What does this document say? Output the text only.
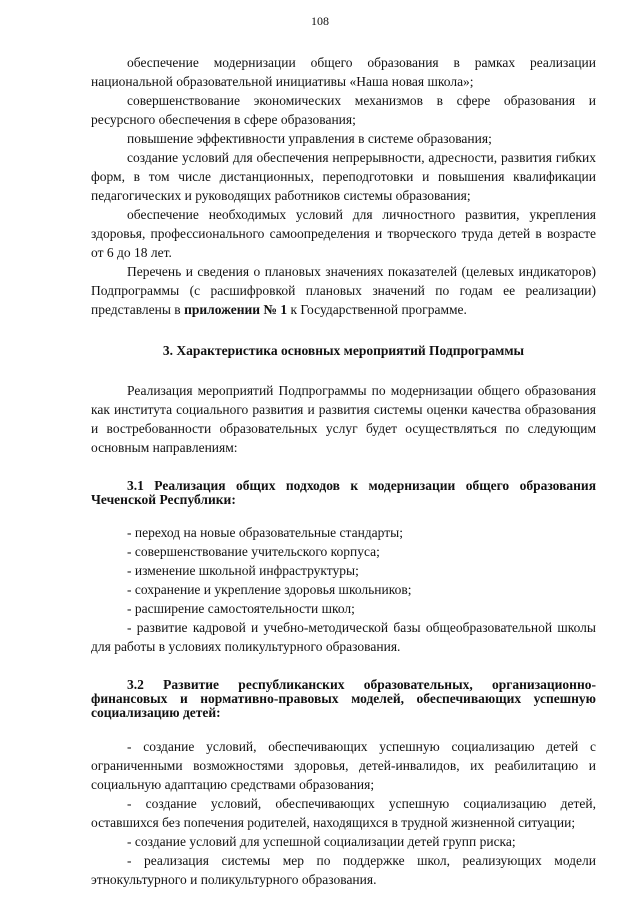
108

обеспечение модернизации общего образования в рамках реализации национальной образовательной инициативы «Наша новая школа»;

совершенствование экономических механизмов в сфере образования и ресурсного обеспечения в сфере образования;

повышение эффективности управления в системе образования;

создание условий для обеспечения непрерывности, адресности, развития гибких форм, в том числе дистанционных, переподготовки и повышения квалификации педагогических и руководящих работников системы образования;

обеспечение необходимых условий для личностного развития, укрепления здоровья, профессионального самоопределения и творческого труда детей в возрасте от 6 до 18 лет.

Перечень и сведения о плановых значениях показателей (целевых индикаторов) Подпрограммы (с расшифровкой плановых значений по годам ее реализации) представлены в приложении № 1 к Государственной программе.

3. Характеристика основных мероприятий Подпрограммы

Реализация мероприятий Подпрограммы по модернизации общего образования как института социального развития и развития системы оценки качества образования и востребованности образовательных услуг будет осуществляться по следующим основным направлениям:

3.1 Реализация общих подходов к модернизации общего образования Чеченской Республики:

- переход на новые образовательные стандарты;

- совершенствование учительского корпуса;

- изменение школьной инфраструктуры;

- сохранение и укрепление здоровья школьников;

- расширение самостоятельности школ;

- развитие кадровой и учебно-методической базы общеобразовательной школы для работы в условиях поликультурного образования.

3.2 Развитие республиканских образовательных, организационно-финансовых и нормативно-правовых моделей, обеспечивающих успешную социализацию детей:

- создание условий, обеспечивающих успешную социализацию детей с ограниченными возможностями здоровья, детей-инвалидов, их реабилитацию и социальную адаптацию средствами образования;

- создание условий, обеспечивающих успешную социализацию детей, оставшихся без попечения родителей, находящихся в трудной жизненной ситуации;

- создание условий для успешной социализации детей групп риска;

- реализация системы мер по поддержке школ, реализующих модели этнокультурного и поликультурного образования.
